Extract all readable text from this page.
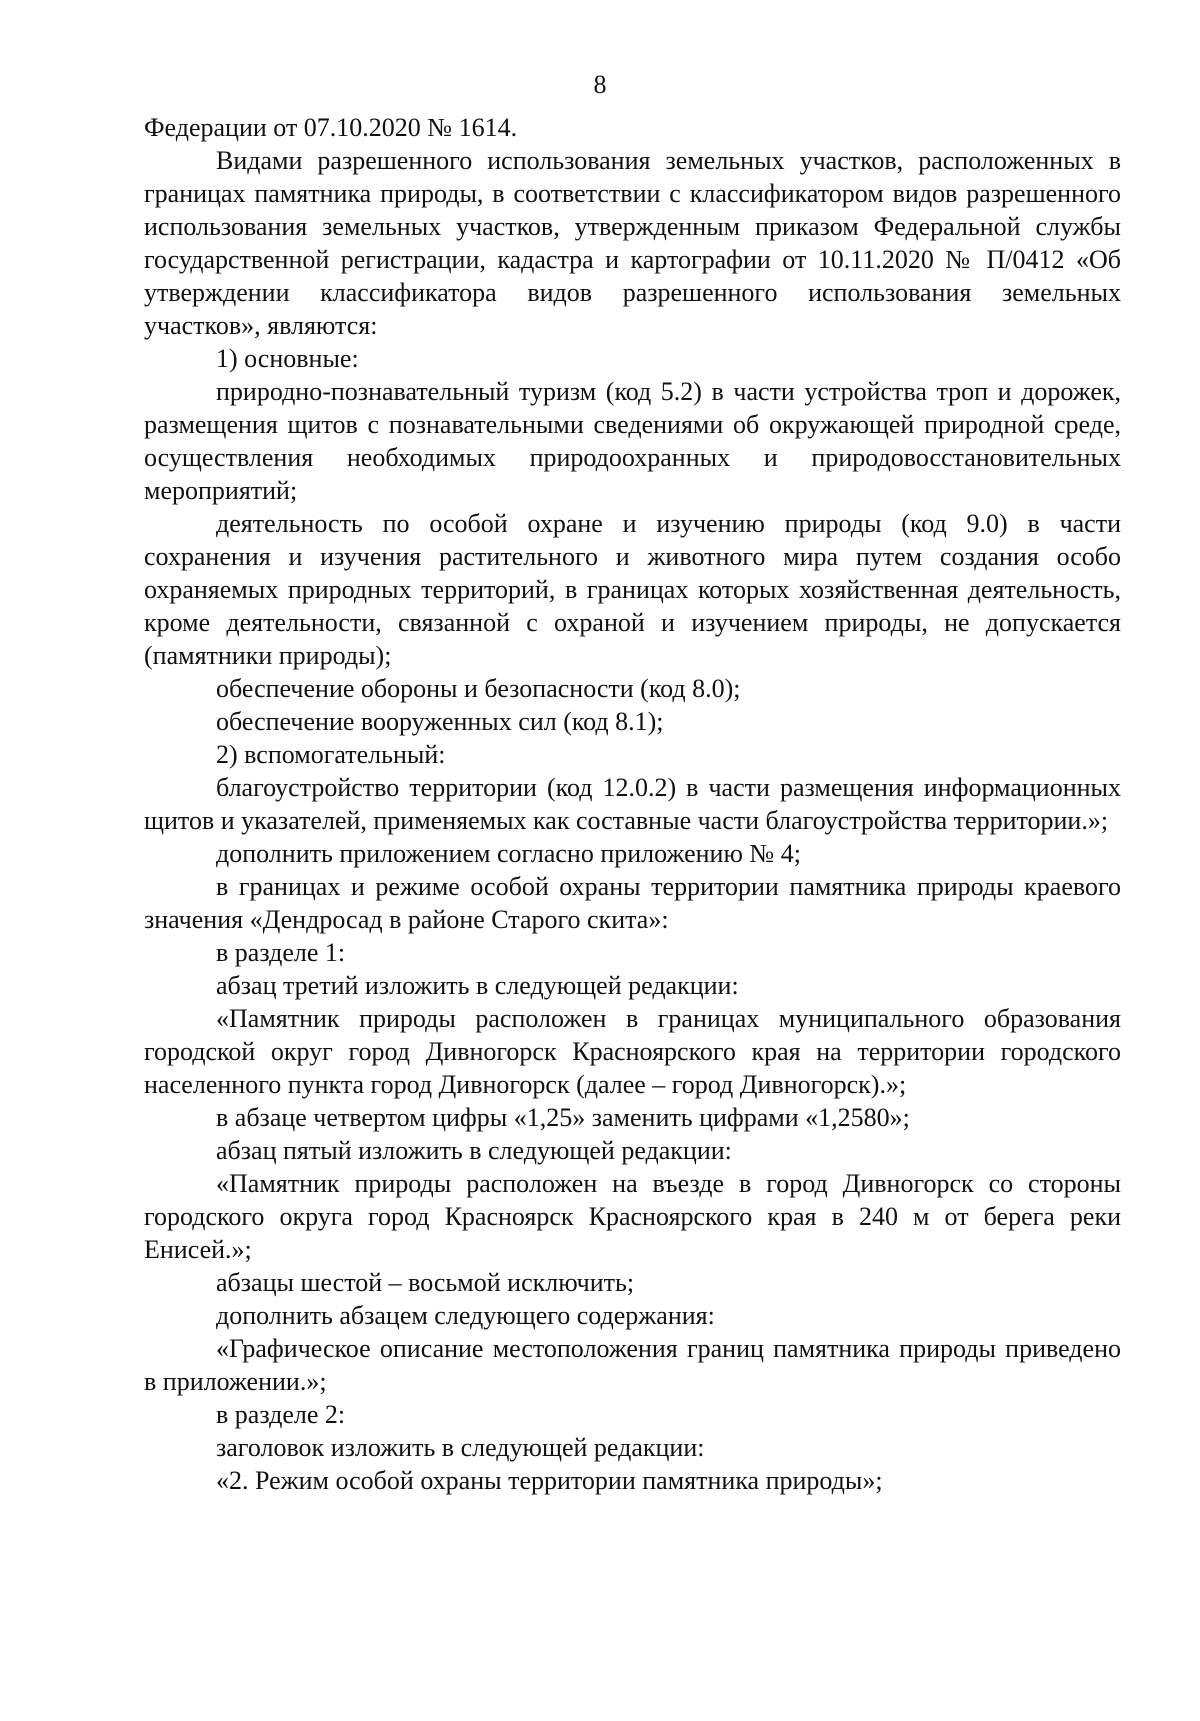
8

Федерации от 07.10.2020 № 1614.

Видами разрешенного использования земельных участков, расположенных в границах памятника природы, в соответствии с классификатором видов разрешенного использования земельных участков, утвержденным приказом Федеральной службы государственной регистрации, кадастра и картографии от 10.11.2020 № П/0412 «Об утверждении классификатора видов разрешенного использования земельных участков», являются:

1) основные:

природно-познавательный туризм (код 5.2) в части устройства троп и дорожек, размещения щитов с познавательными сведениями об окружающей природной среде, осуществления необходимых природоохранных и природовосстановительных мероприятий;

деятельность по особой охране и изучению природы (код 9.0) в части сохранения и изучения растительного и животного мира путем создания особо охраняемых природных территорий, в границах которых хозяйственная деятельность, кроме деятельности, связанной с охраной и изучением природы, не допускается (памятники природы);

обеспечение обороны и безопасности (код 8.0);

обеспечение вооруженных сил (код 8.1);

2) вспомогательный:

благоустройство территории (код 12.0.2) в части размещения информационных щитов и указателей, применяемых как составные части благоустройства территории.»;

дополнить приложением согласно приложению № 4;

в границах и режиме особой охраны территории памятника природы краевого значения «Дендросад в районе Старого скита»:

в разделе 1:

абзац третий изложить в следующей редакции:

«Памятник природы расположен в границах муниципального образования городской округ город Дивногорск Красноярского края на территории городского населенного пункта город Дивногорск (далее – город Дивногорск).»;

в абзаце четвертом цифры «1,25» заменить цифрами «1,2580»;

абзац пятый изложить в следующей редакции:

«Памятник природы расположен на въезде в город Дивногорск со стороны городского округа город Красноярск Красноярского края в 240 м от берега реки Енисей.»;

абзацы шестой – восьмой исключить;

дополнить абзацем следующего содержания:

«Графическое описание местоположения границ памятника природы приведено в приложении.»;

в разделе 2:

заголовок изложить в следующей редакции:

«2. Режим особой охраны территории памятника природы»;
